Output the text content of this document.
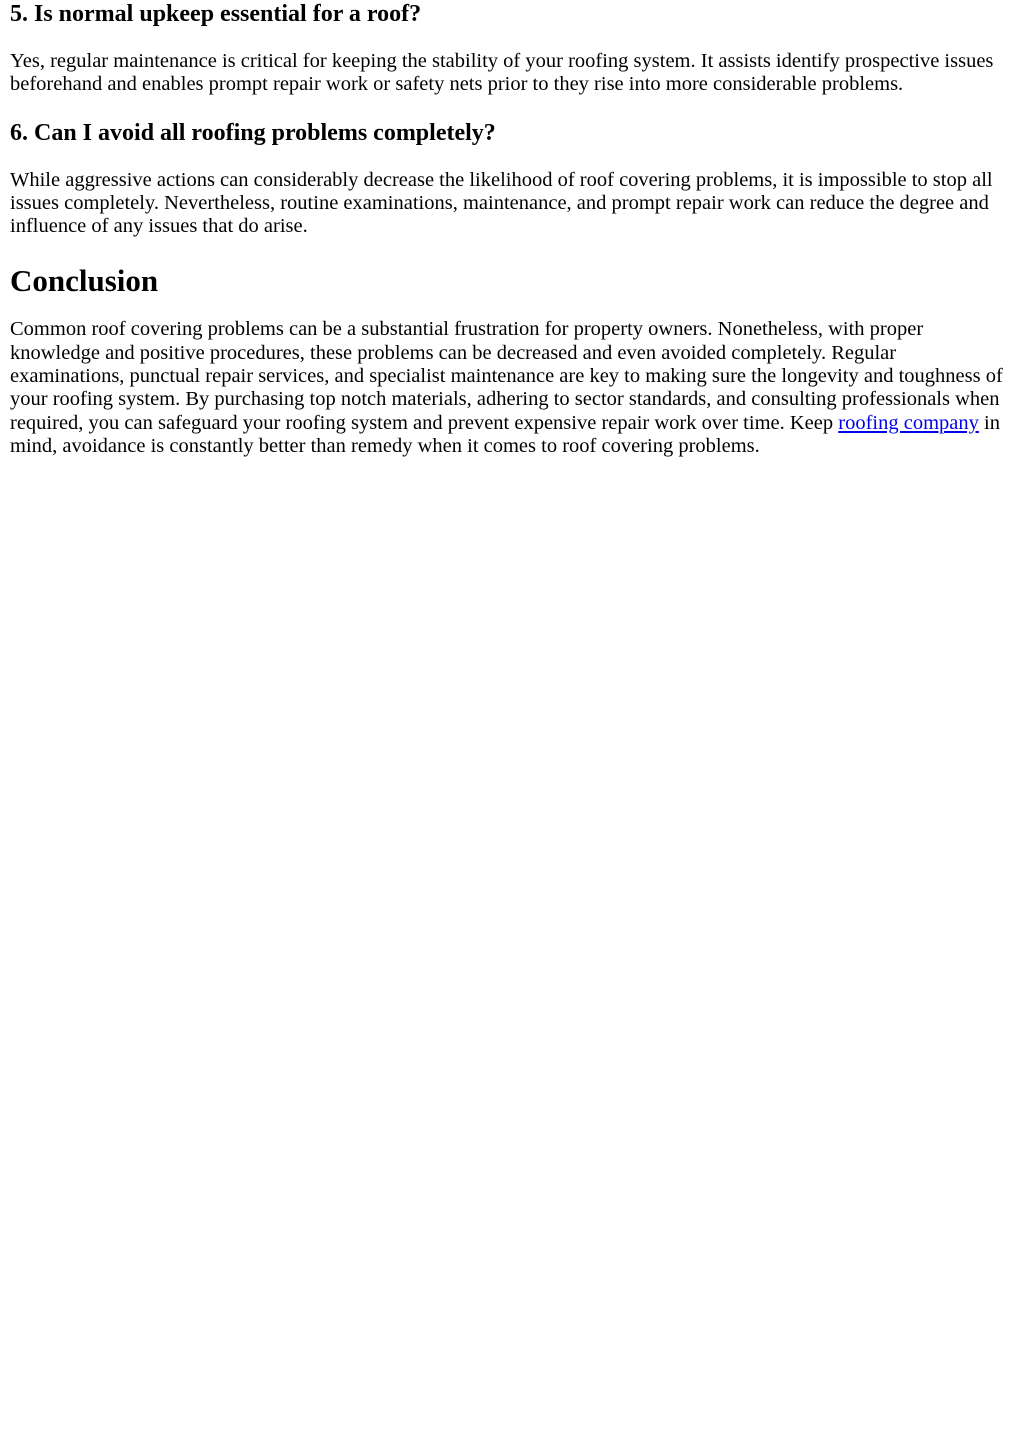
5. Is normal upkeep essential for a roof?

Yes, regular maintenance is critical for keeping the stability of your roofing system. It assists identify prospective issues beforehand and enables prompt repair work or safety nets prior to they rise into more considerable problems.

6. Can I avoid all roofing problems completely?

While aggressive actions can considerably decrease the likelihood of roof covering problems, it is impossible to stop all issues completely. Nevertheless, routine examinations, maintenance, and prompt repair work can reduce the degree and influence of any issues that do arise.

Conclusion

Common roof covering problems can be a substantial frustration for property owners. Nonetheless, with proper knowledge and positive procedures, these problems can be decreased and even avoided completely. Regular examinations, punctual repair services, and specialist maintenance are key to making sure the longevity and toughness of your roofing system. By purchasing top notch materials, adhering to sector standards, and consulting professionals when required, you can safeguard your roofing system and prevent expensive repair work over time. Keep roofing company in mind, avoidance is constantly better than remedy when it comes to roof covering problems.
